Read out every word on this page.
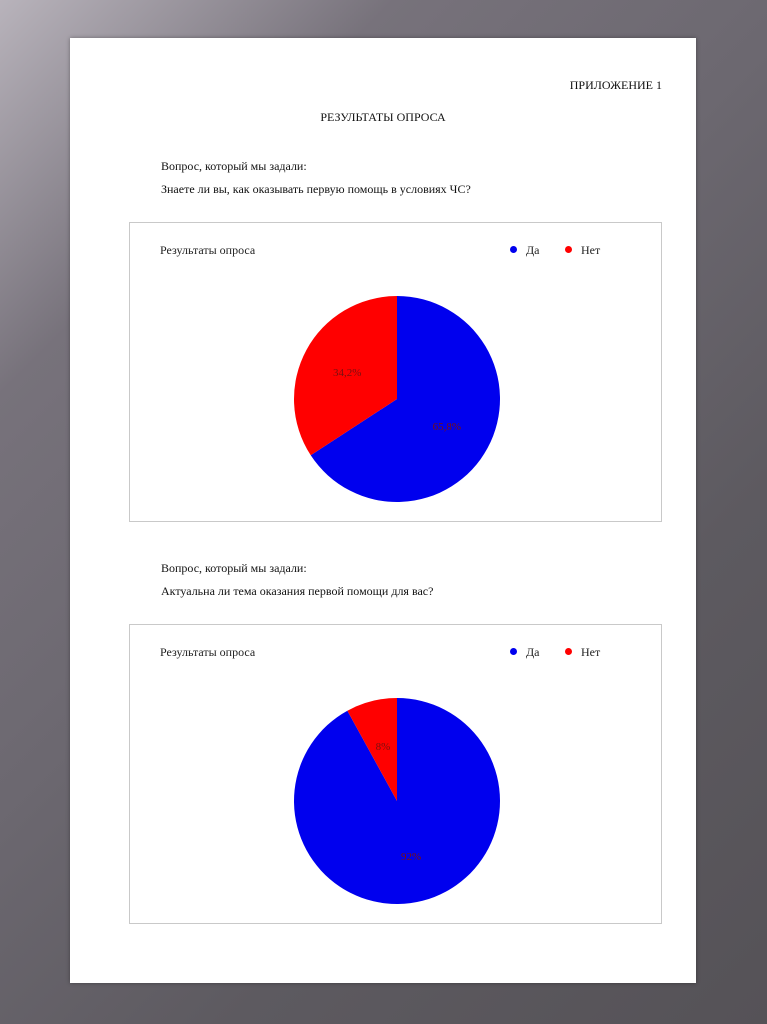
ПРИЛОЖЕНИЕ 1
РЕЗУЛЬТАТЫ ОПРОСА
Вопрос, который мы задали:
Знаете ли вы, как оказывать первую помощь в условиях ЧС?
Результаты опроса	Да	Нет
65,8%
34,2%
Вопрос, который мы задали:
Актуальна ли тема оказания первой помощи для вас?
Результаты опроса	Да	Нет
92%
8%
